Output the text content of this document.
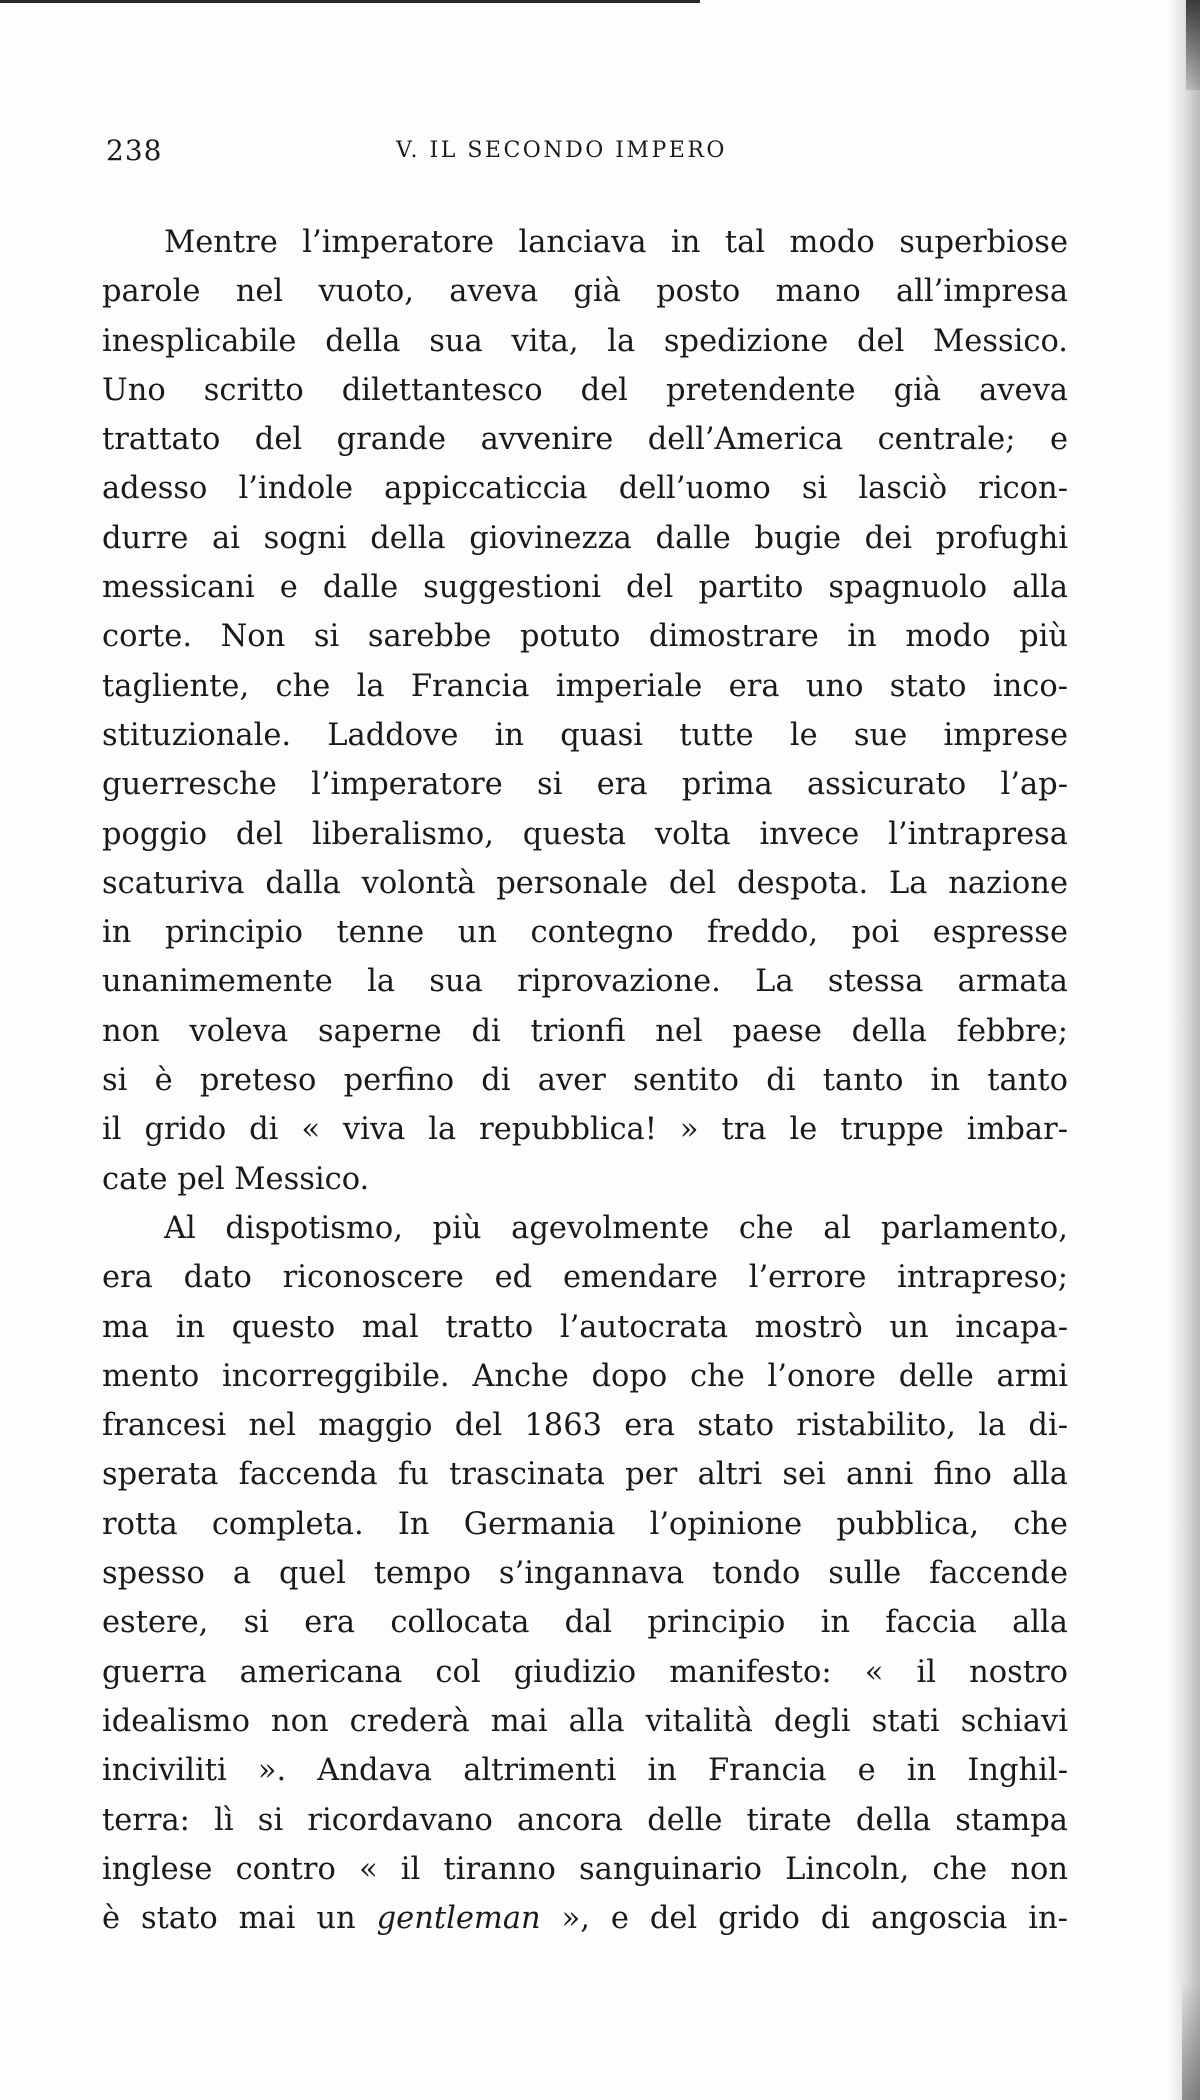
238	V. IL SECONDO IMPERO
Mentre l’imperatore lanciava in tal modo superbiose
parole nel vuoto, aveva già posto mano all’impresa
inesplicabile della sua vita, la spedizione del Messico.
Uno scritto dilettantesco del pretendente già aveva
trattato del grande avvenire dell’America centrale; e
adesso l’indole appiccaticcia dell’uomo si lasciò ricon-
durre ai sogni della giovinezza dalle bugie dei profughi
messicani e dalle suggestioni del partito spagnuolo alla
corte. Non si sarebbe potuto dimostrare in modo più
tagliente, che la Francia imperiale era uno stato inco-
stituzionale. Laddove in quasi tutte le sue imprese
guerresche l’imperatore si era prima assicurato l’ap-
poggio del liberalismo, questa volta invece l’intrapresa
scaturiva dalla volontà personale del despota. La nazione
in principio tenne un contegno freddo, poi espresse
unanimemente la sua riprovazione. La stessa armata
non voleva saperne di trionfi nel paese della febbre;
si è preteso perfino di aver sentito di tanto in tanto
il grido di « viva la repubblica! » tra le truppe imbar-
cate pel Messico.
Al dispotismo, più agevolmente che al parlamento,
era dato riconoscere ed emendare l’errore intrapreso;
ma in questo mal tratto l’autocrata mostrò un incapa-
mento incorreggibile. Anche dopo che l’onore delle armi
francesi nel maggio del 1863 era stato ristabilito, la di-
sperata faccenda fu trascinata per altri sei anni fino alla
rotta completa. In Germania l’opinione pubblica, che
spesso a quel tempo s’ingannava tondo sulle faccende
estere, si era collocata dal principio in faccia alla
guerra americana col giudizio manifesto: « il nostro
idealismo non crederà mai alla vitalità degli stati schiavi
inciviliti ». Andava altrimenti in Francia e in Inghil-
terra: lì si ricordavano ancora delle tirate della stampa
inglese contro « il tiranno sanguinario Lincoln, che non
è stato mai un gentleman », e del grido di angoscia in-
